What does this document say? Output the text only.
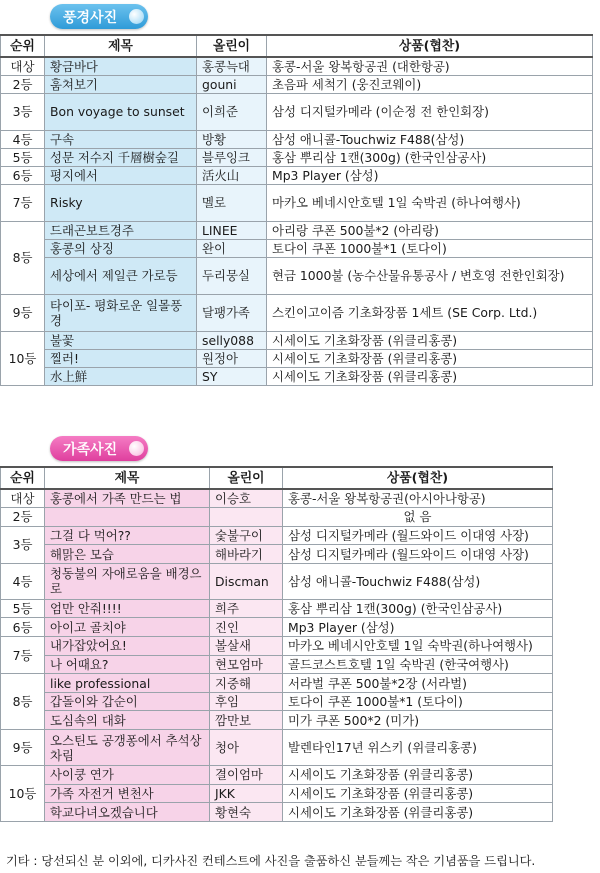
풍경사진
순위	제목	올린이	상품(협찬)
대상	황금바다	홍콩늑대	홍콩-서울 왕복항공권 (대한항공)
2등	훔쳐보기	gouni	초음파 세척기 (웅진코웨이)
3등	Bon voyage to sunset	이희준	삼성 디지털카메라 (이순정 전 한인회장)
4등	구속	방황	삼성 애니콜-Touchwiz F488(삼성)
5등	성문 저수지 千層樹숲길	블루잉크	홍삼 뿌리삼 1캔(300g) (한국인삼공사)
6등	평지에서	活火山	Mp3 Player (삼성)
7등	Risky	멜로	마카오 베네시안호텔 1일 숙박권 (하나여행사)
8등	드래곤보트경주	LINEE	아리랑 쿠폰 500불*2 (아리랑)
	홍콩의 상징	완이	토다이 쿠폰 1000불*1 (토다이)
	세상에서 제일큰 가로등	두리뭉실	현금 1000불 (농수산물유통공사 / 변호영 전한인회장)
9등	타이포- 평화로운 일몰풍경	달팽가족	스킨이고이즘 기초화장품 1세트 (SE Corp. Ltd.)
10등	불꽃	selly088	시세이도 기초화장품 (위클리홍콩)
	찔러!	원정아	시세이도 기초화장품 (위클리홍콩)
	水上鮮	SY	시세이도 기초화장품 (위클리홍콩)
가족사진
순위	제목	올린이	상품(협찬)
대상	홍콩에서 가족 만드는 법	이승호	홍콩-서울 왕복항공권(아시아나항공)
2등			없 음
3등	그걸 다 먹어??	숯불구이	삼성 디지털카메라 (월드와이드 이대영 사장)
	해맑은 모습	해바라기	삼성 디지털카메라 (월드와이드 이대영 사장)
4등	청동불의 자애로움을 배경으로	Discman	삼성 애니콜-Touchwiz F488(삼성)
5등	엄만 안줘!!!!	희주	홍삼 뿌리삼 1캔(300g) (한국인삼공사)
6등	아이고 골치야	진인	Mp3 Player (삼성)
7등	내가잡았어요!	볼살새	마카오 베네시안호텔 1일 숙박권(하나여행사)
	나 어때요?	현모엄마	골드코스트호텔 1일 숙박권 (한국여행사)
8등	like professional	지중해	서라벌 쿠폰 500불*2장 (서라벌)
	갑돌이와 갑순이	후임	토다이 쿠폰 1000불*1 (토다이)
	도심속의 대화	깜만보	미가 쿠폰 500*2 (미가)
9등	오스틴도 공갱퐁에서 추석상차림	청아	발렌타인17년 위스키 (위클리홍콩)
10등	사이쿵 연가	결이엄마	시세이도 기초화장품 (위클리홍콩)
	가족 자전거 변천사	JKK	시세이도 기초화장품 (위클리홍콩)
	학교다녀오겠습니다	황현숙	시세이도 기초화장품 (위클리홍콩)
기타 : 당선되신 분 이외에, 디카사진 컨테스트에 사진을 출품하신 분들께는 작은 기념품을 드립니다.
